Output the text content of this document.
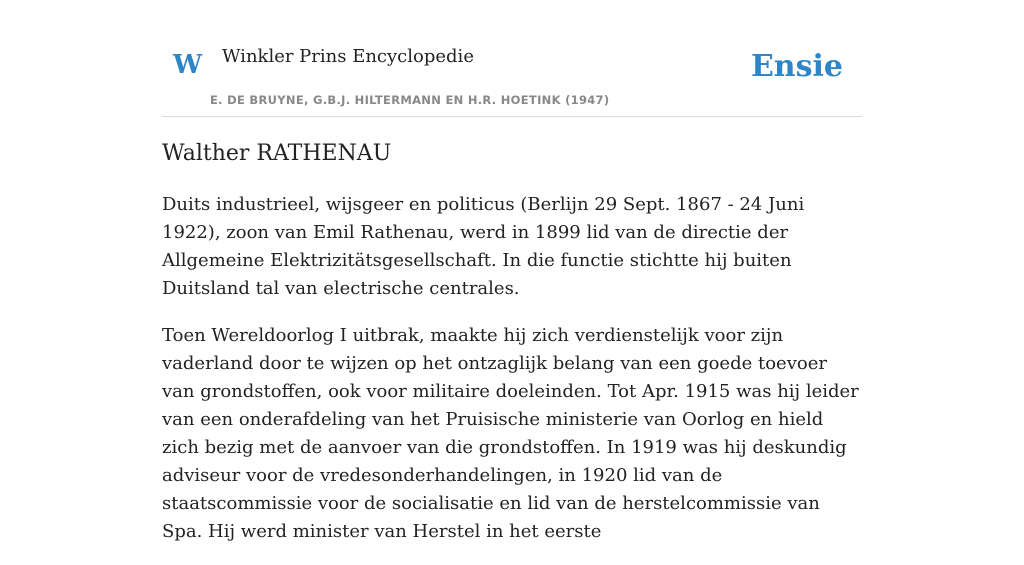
W Winkler Prins Encyclopedie
E. DE BRUYNE, G.B.J. HILTERMANN EN H.R. HOETINK (1947)
Ensie
Walther RATHENAU

Duits industrieel, wijsgeer en politicus (Berlijn 29 Sept. 1867 - 24 Juni 1922), zoon van Emil Rathenau, werd in 1899 lid van de directie der Allgemeine Elektrizitätsgesellschaft. In die functie stichtte hij buiten Duitsland tal van electrische centrales.

Toen Wereldoorlog I uitbrak, maakte hij zich verdienstelijk voor zijn vaderland door te wijzen op het ontzaglijk belang van een goede toevoer van grondstoffen, ook voor militaire doeleinden. Tot Apr. 1915 was hij leider van een onderafdeling van het Pruisische ministerie van Oorlog en hield zich bezig met de aanvoer van die grondstoffen. In 1919 was hij deskundig adviseur voor de vredesonderhandelingen, in 1920 lid van de staatscommissie voor de socialisatie en lid van de herstelcommissie van Spa. Hij werd minister van Herstel in het eerste
